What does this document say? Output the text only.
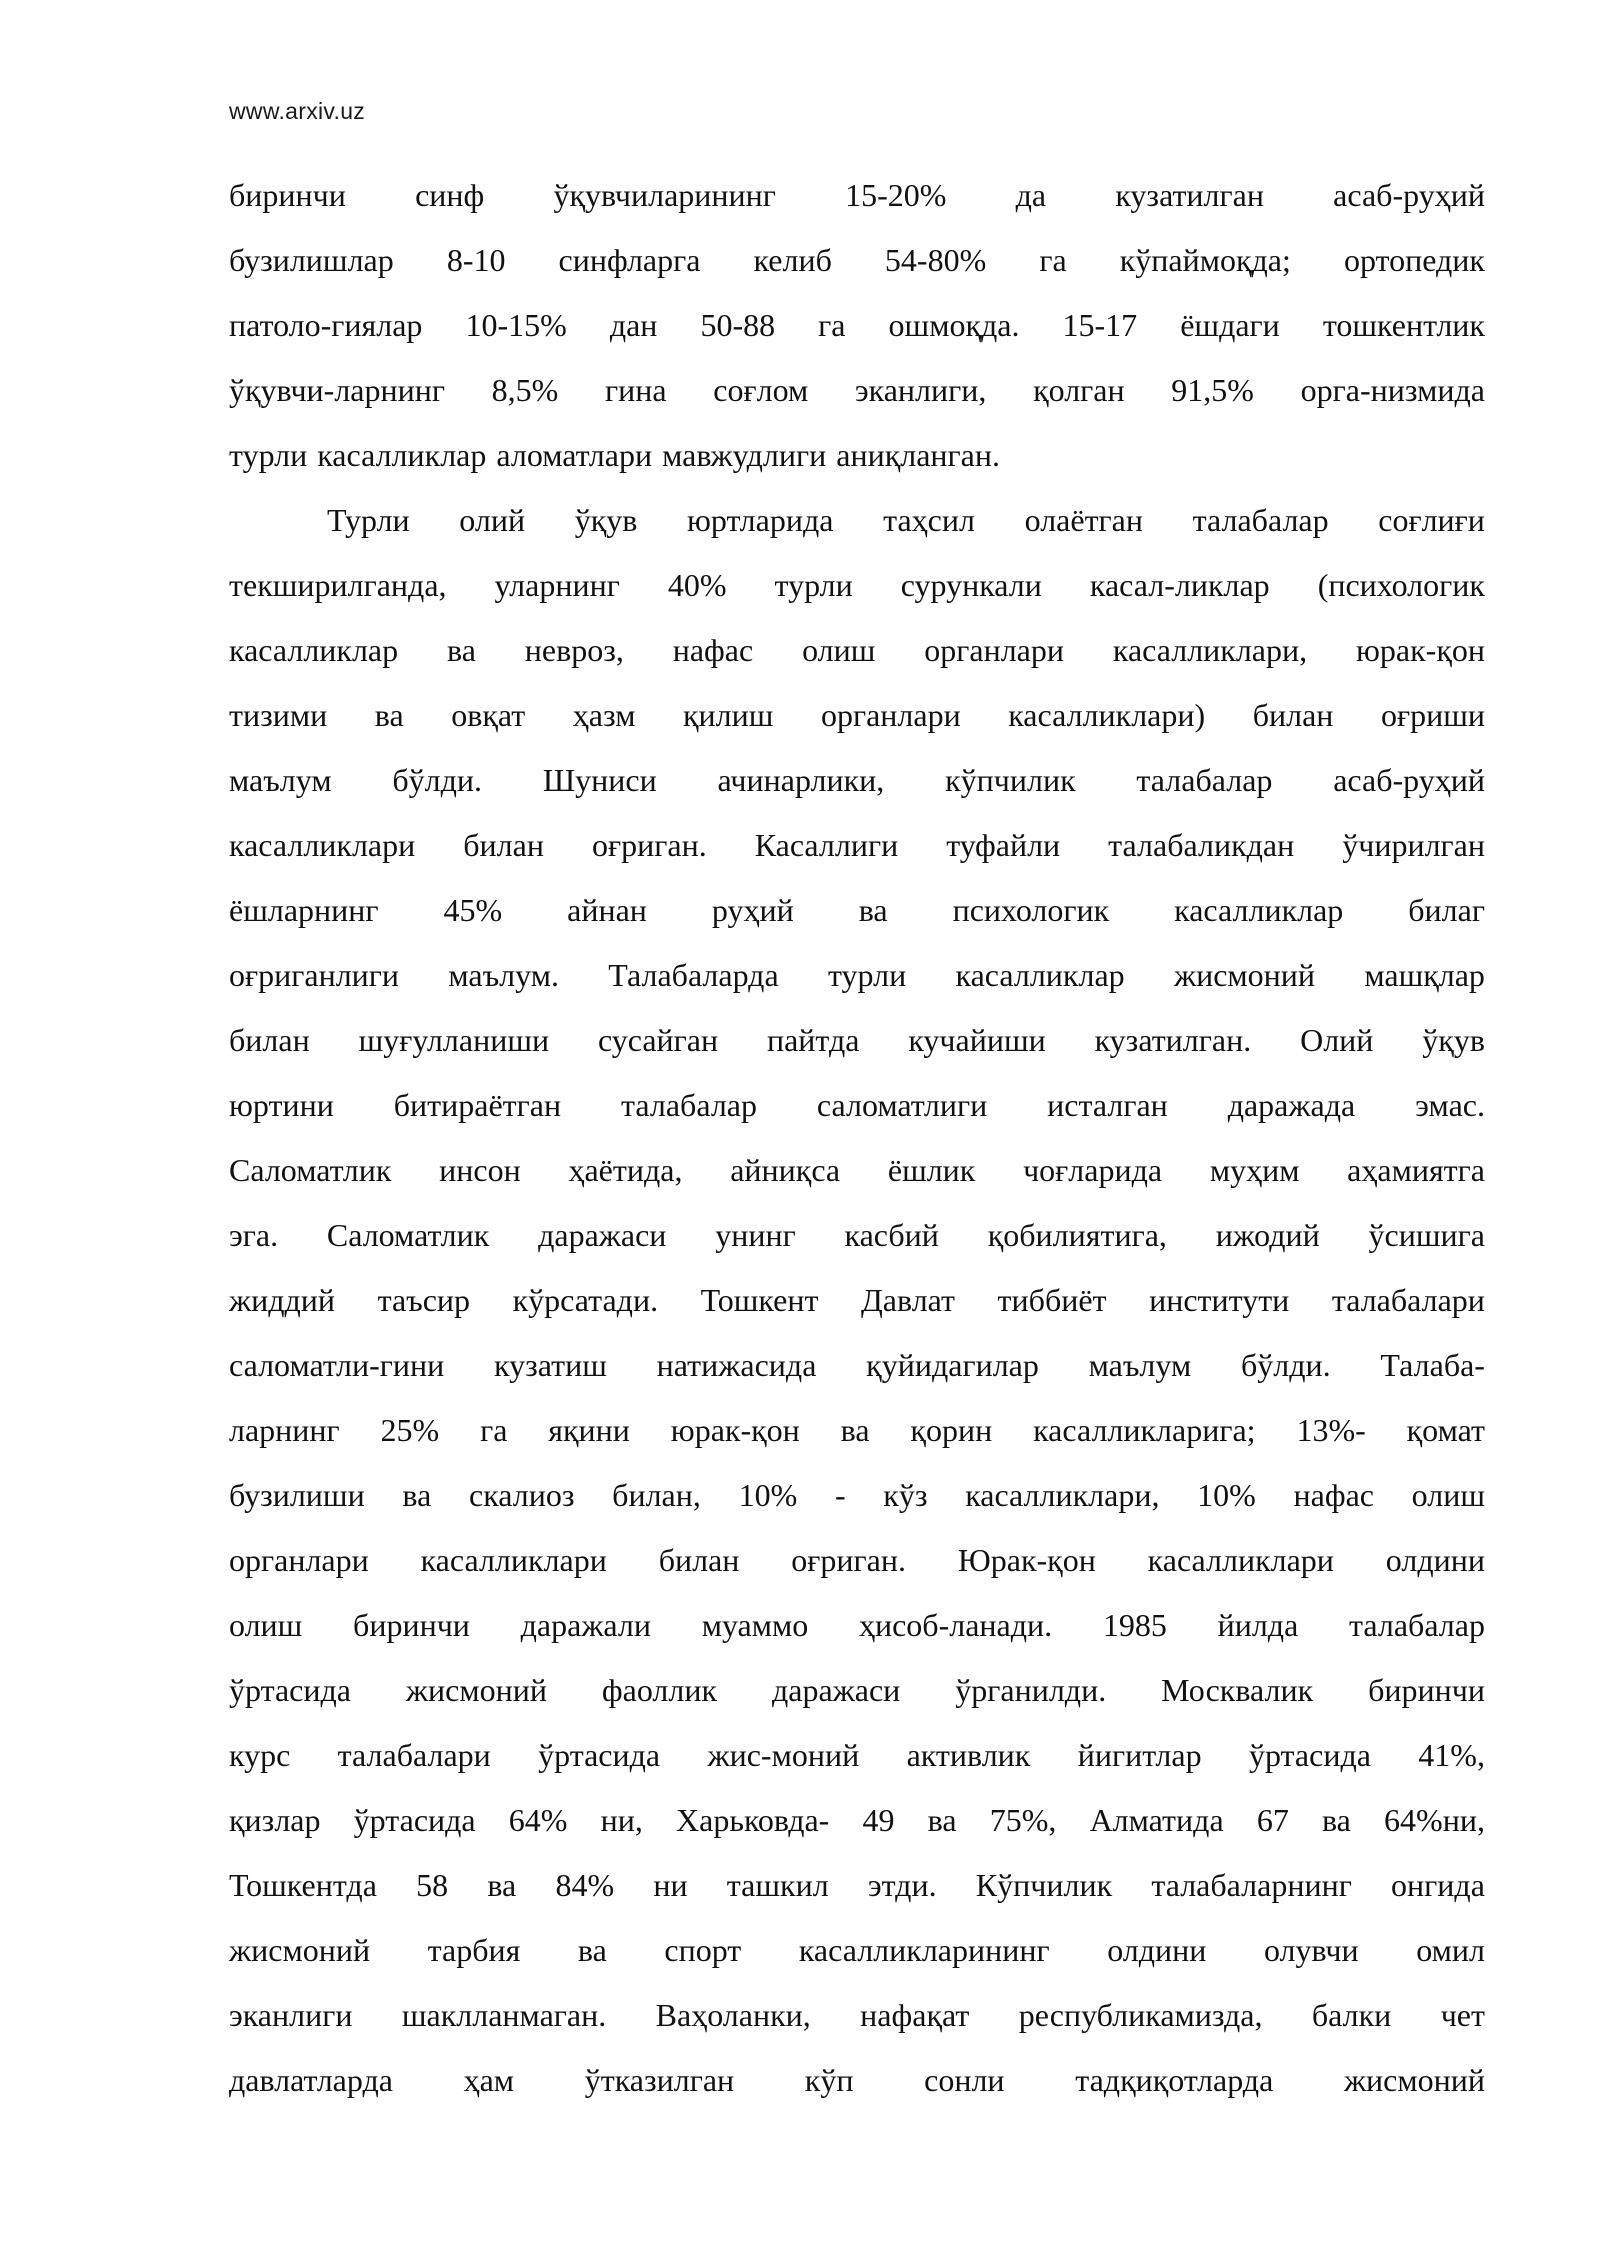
www.arxiv.uz
биринчи синф ўқувчиларининг 15-20% да кузатилган асаб-руҳий
бузилишлар 8-10 синфларга келиб 54-80% га кўпаймоқда; ортопедик
патоло-гиялар 10-15% дан 50-88 га ошмоқда. 15-17 ёшдаги тошкентлик
ўқувчи-ларнинг 8,5% гина соғлом эканлиги, қолган 91,5% орга-низмида
турли касалликлар аломатлари мавжудлиги аниқланган.
Турли олий ўқув юртларида таҳсил олаётган талабалар соғлиғи
текширилганда, уларнинг 40% турли сурункали касал-ликлар (психологик
касалликлар ва невроз, нафас олиш органлари касалликлари, юрак-қон
тизими ва овқат ҳазм қилиш органлари касалликлари) билан оғриши
маълум бўлди. Шуниси ачинарлики, кўпчилик талабалар асаб-руҳий
касалликлари билан оғриган. Касаллиги туфайли талабаликдан ўчирилган
ёшларнинг 45% айнан руҳий ва психологик касалликлар билаг
оғриганлиги маълум. Талабаларда турли касалликлар жисмоний машқлар
билан шуғулланиши сусайган пайтда кучайиши кузатилган. Олий ўқув
юртини битираётган талабалар саломатлиги исталган даражада эмас.
Саломатлик инсон ҳаётида, айниқса ёшлик чоғларида муҳим аҳамиятга
эга. Саломатлик даражаси унинг касбий қобилиятига, ижодий ўсишига
жиддий таъсир кўрсатади. Тошкент Давлат тиббиёт институти талабалари
саломатли-гини кузатиш натижасида қуйидагилар маълум бўлди. Талаба-
ларнинг 25% га яқини юрак-қон ва қорин касалликларига; 13%- қомат
бузилиши ва скалиоз билан, 10% - кўз касалликлари, 10% нафас олиш
органлари касалликлари билан оғриган. Юрак-қон касалликлари олдини
олиш биринчи даражали муаммо ҳисоб-ланади. 1985 йилда талабалар
ўртасида жисмоний фаоллик даражаси ўрганилди. Москвалик биринчи
курс талабалари ўртасида жис-моний активлик йигитлар ўртасида 41%,
қизлар ўртасида 64% ни, Харьковда- 49 ва 75%, Алматида 67 ва 64%ни,
Тошкентда 58 ва 84% ни ташкил этди. Кўпчилик талабаларнинг онгида
жисмоний тарбия ва спорт касалликларининг олдини олувчи омил
эканлиги шаклланмаган. Ваҳоланки, нафақат республикамизда, балки чет
давлатларда ҳам ўтказилган кўп сонли тадқиқотларда жисмоний
